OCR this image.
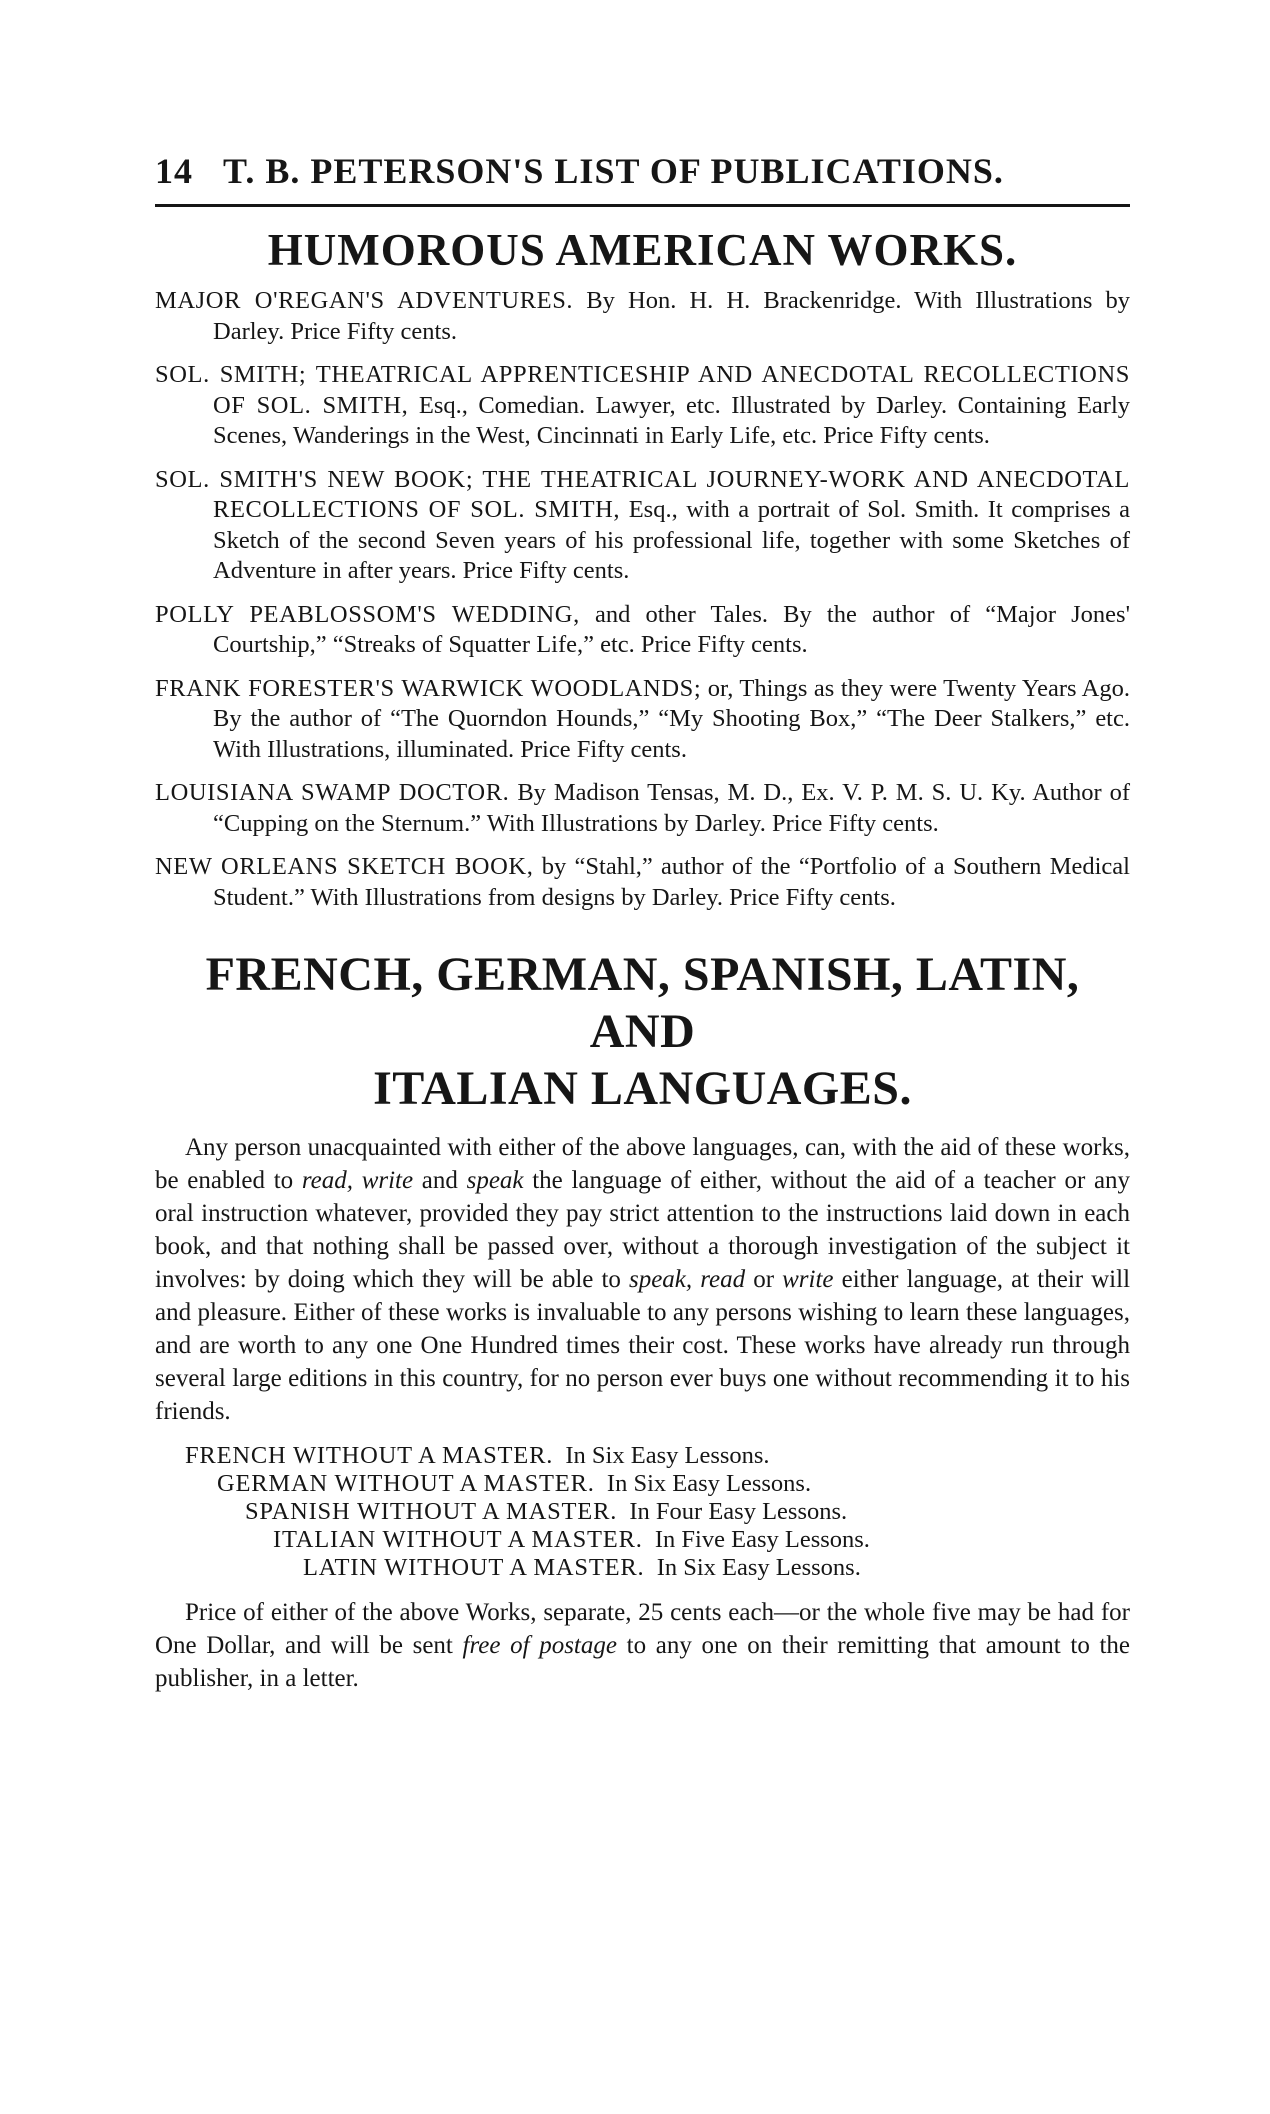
14 T. B. PETERSON'S LIST OF PUBLICATIONS.
HUMOROUS AMERICAN WORKS.

MAJOR O'REGAN'S ADVENTURES. By Hon. H. H. Brackenridge. With Illustrations by Darley. Price Fifty cents.

SOL. SMITH; THEATRICAL APPRENTICESHIP AND ANECDOTAL RECOLLECTIONS OF SOL. SMITH, Esq., Comedian. Lawyer, etc. Illustrated by Darley. Containing Early Scenes, Wanderings in the West, Cincinnati in Early Life, etc. Price Fifty cents.

SOL. SMITH'S NEW BOOK; THE THEATRICAL JOURNEY-WORK AND ANECDOTAL RECOLLECTIONS OF SOL. SMITH, Esq., with a portrait of Sol. Smith. It comprises a Sketch of the second Seven years of his professional life, together with some Sketches of Adventure in after years. Price Fifty cents.

POLLY PEABLOSSOM'S WEDDING, and other Tales. By the author of “Major Jones' Courtship,” “Streaks of Squatter Life,” etc. Price Fifty cents.

FRANK FORESTER'S WARWICK WOODLANDS; or, Things as they were Twenty Years Ago. By the author of “The Quorndon Hounds,” “My Shooting Box,” “The Deer Stalkers,” etc. With Illustrations, illuminated. Price Fifty cents.

LOUISIANA SWAMP DOCTOR. By Madison Tensas, M. D., Ex. V. P. M. S. U. Ky. Author of “Cupping on the Sternum.” With Illustrations by Darley. Price Fifty cents.

NEW ORLEANS SKETCH BOOK, by “Stahl,” author of the “Portfolio of a Southern Medical Student.” With Illustrations from designs by Darley. Price Fifty cents.

FRENCH, GERMAN, SPANISH, LATIN, AND
ITALIAN LANGUAGES.

Any person unacquainted with either of the above languages, can, with the aid of these works, be enabled to read, write and speak the language of either, without the aid of a teacher or any oral instruction whatever, provided they pay strict attention to the instructions laid down in each book, and that nothing shall be passed over, without a thorough investigation of the subject it involves: by doing which they will be able to speak, read or write either language, at their will and pleasure. Either of these works is invaluable to any persons wishing to learn these languages, and are worth to any one One Hundred times their cost. These works have already run through several large editions in this country, for no person ever buys one without recommending it to his friends.

FRENCH WITHOUT A MASTER. In Six Easy Lessons.
GERMAN WITHOUT A MASTER. In Six Easy Lessons.
SPANISH WITHOUT A MASTER. In Four Easy Lessons.
ITALIAN WITHOUT A MASTER. In Five Easy Lessons.
LATIN WITHOUT A MASTER. In Six Easy Lessons.

Price of either of the above Works, separate, 25 cents each—or the whole five may be had for One Dollar, and will be sent free of postage to any one on their remitting that amount to the publisher, in a letter.
